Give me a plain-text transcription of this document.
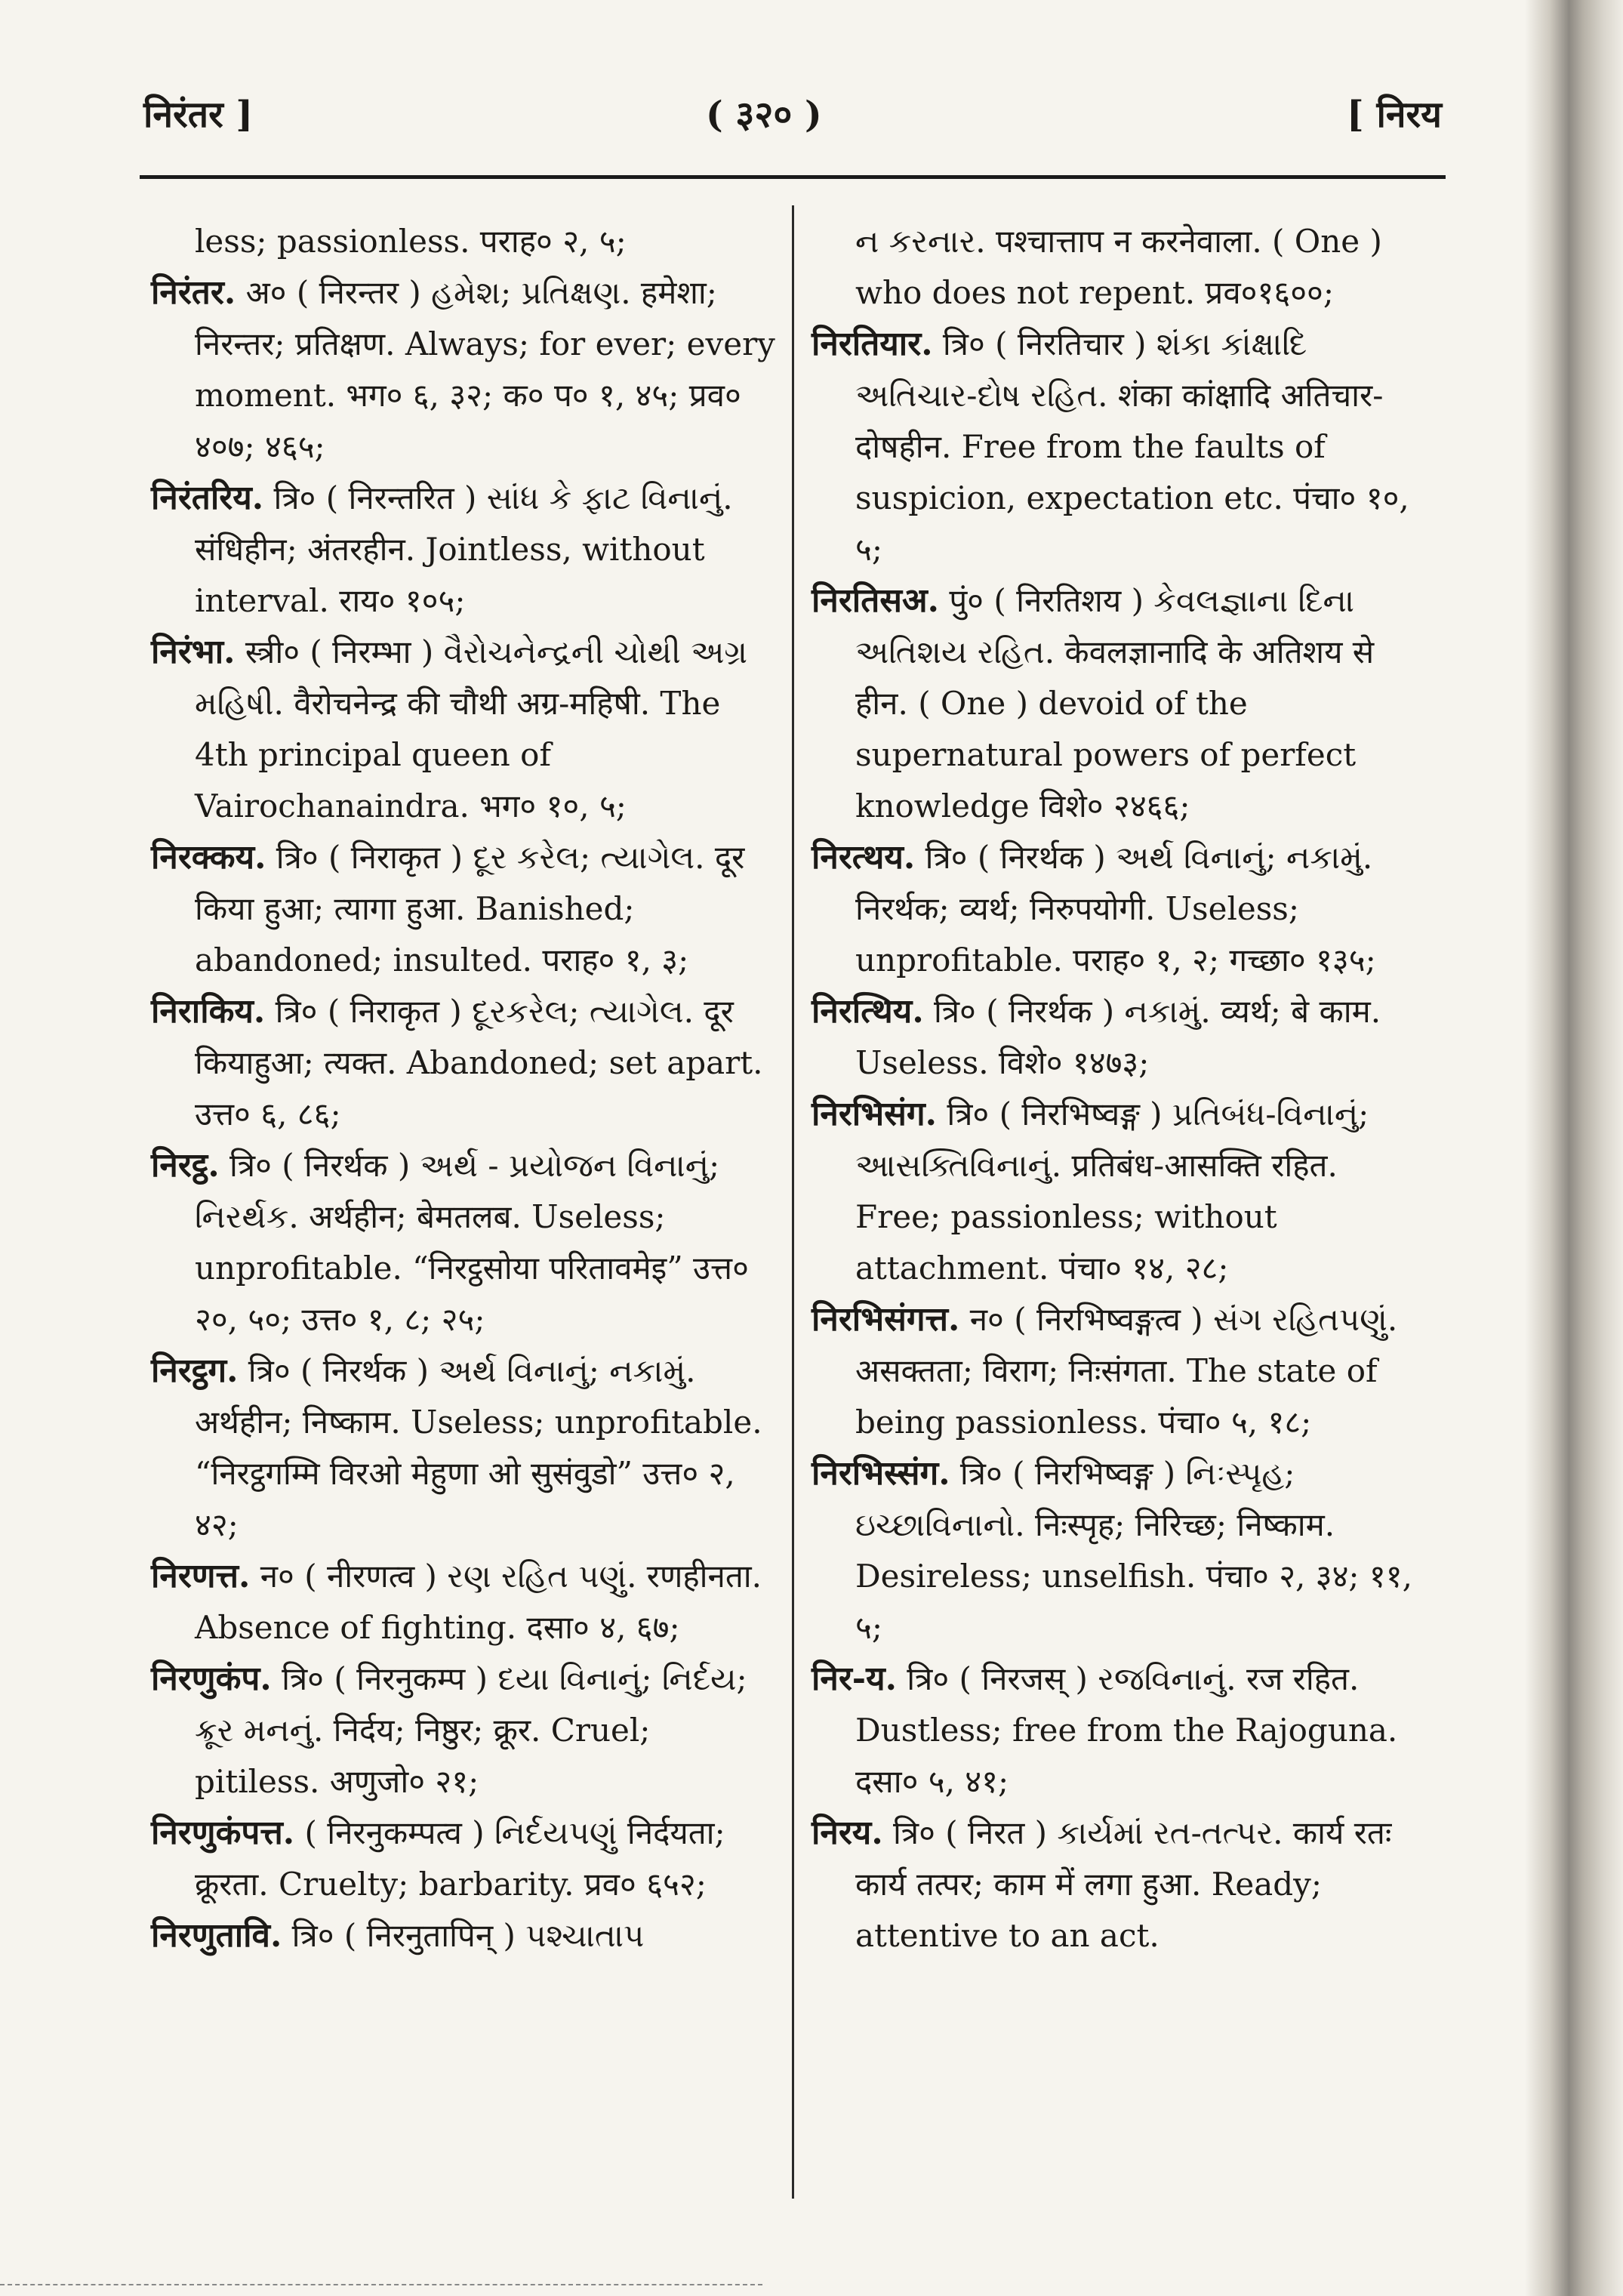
निरंतर ]	( ३२० )	[ निरय
less; passionless. पराह० २, ५;
निरंतर. अ० ( निरन्तर ) હમેશ; પ્રતિક્ષણ. हमेशा; निरन्तर; प्रतिक्षण. Always; for ever; every moment. भग० ६, ३२; क० प० १, ४५; प्रव० ४०७; ४६५;
निरंतरिय. त्रि० ( निरन्तरित ) સાંધ કે ફાટ વિનાનું. संधिहीन; अंतरहीन. Jointless, without interval. राय० १०५;
निरंभा. स्त्री० ( निरम्भा ) વૈરોચનેન્દ્રની ચોથી અગ્ર મહિષી. वैरोचनेन्द्र की चौथी अग्र-महिषी. The 4th principal queen of Vairochanaindra. भग० १०, ५;
निरक्कय. त्रि० ( निराकृत ) દૂર કરેલ; ત્યાગેલ. दूर किया हुआ; त्यागा हुआ. Banished; abandoned; insulted. पराह० १, ३;
निराकिय. त्रि० ( निराकृत ) દૂરકરેલ; ત્યાગેલ. दूर कियाहुआ; त्यक्त. Abandoned; set apart. उत्त० ६, ८६;
निरट्ठ. त्रि० ( निरर्थक ) અર્થ - પ્રયોજન વિનાનું; નિરર્થક. अर्थहीन; बेमतलब. Useless; unprofitable. “निरट्ठसोया परितावमेइ” उत्त० २०, ५०; उत्त० १, ८; २५;
निरट्ठग. त्रि० ( निरर्थक ) અર્થ વિનાનું; નકામું. अर्थहीन; निष्काम. Useless; unprofitable. “निरट्ठगम्मि विरओ मेहुणा ओ सुसंवुडो” उत्त० २, ४२;
निरणत्त. न० ( नीरणत्व ) રણ રહિત પણું. रणहीनता. Absence of fighting. दसा० ४, ६७;
निरणुकंप. त्रि० ( निरनुकम्प ) દયા વિનાનું; નિર્દય; ક્રૂર મનનું. निर्दय; निष्ठुर; क्रूर. Cruel; pitiless. अणुजो० २१;
निरणुकंपत्त. ( निरनुकम्पत्व ) નિર્દયપણું निर्दयता; क्रूरता. Cruelty; barbarity. प्रव० ६५२;
निरणुतावि. त्रि० ( निरनुतापिन् ) પશ્ચાતાપ
ન કરનાર. पश्चात्ताप न करनेवाला. ( One ) who does not repent. प्रव०१६००;
निरतियार. त्रि० ( निरतिचार ) શંકા કાંક્ષાદિ અતિચાર-દોષ રહિત. शंका कांक्षादि अतिचार-दोषहीन. Free from the faults of suspicion, expectation etc. पंचा० १०, ५;
निरतिसअ. पुं० ( निरतिशय ) કેવલજ્ઞાના દિના અતિશય રહિત. केवलज्ञानादि के अतिशय से हीन. ( One ) devoid of the supernatural powers of perfect knowledge विशे० २४६६;
निरत्थय. त्रि० ( निरर्थक ) અર્થ વિનાનું; નકામું. निरर्थक; व्यर्थ; निरुपयोगी. Useless; unprofitable. पराह० १, २; गच्छा० १३५;
निरत्थिय. त्रि० ( निरर्थक ) નકામું. व्यर्थ; बे काम. Useless. विशे० १४७३;
निरभिसंग. त्रि० ( निरभिष्वङ्ग ) પ્રતિબંધ-વિનાનું; આસક્તિવિનાનું. प्रतिबंध-आसक्ति रहित. Free; passionless; without attachment. पंचा० १४, २८;
निरभिसंगत्त. न० ( निरभिष्वङ्गत्व ) સંગ રહિતપણું. असक्तता; विराग; निःसंगता. The state of being passionless. पंचा० ५, १८;
निरभिस्संग. त्रि० ( निरभिष्वङ्ग ) નિઃસ્પૃહ; ઇચ્છાવિનાનો. निःस्पृह; निरिच्छ; निष्काम. Desireless; unselfish. पंचा० २, ३४; ११, ५;
निर-य. त्रि० ( निरजस् ) રજવિનાનું. रज रहित. Dustless; free from the Rajoguna. दसा० ५, ४१;
निरय. त्रि० ( निरत ) કાર્યમાં રત-તત્પર. कार्य रतः कार्य तत्पर; काम में लगा हुआ. Ready; attentive to an act.
